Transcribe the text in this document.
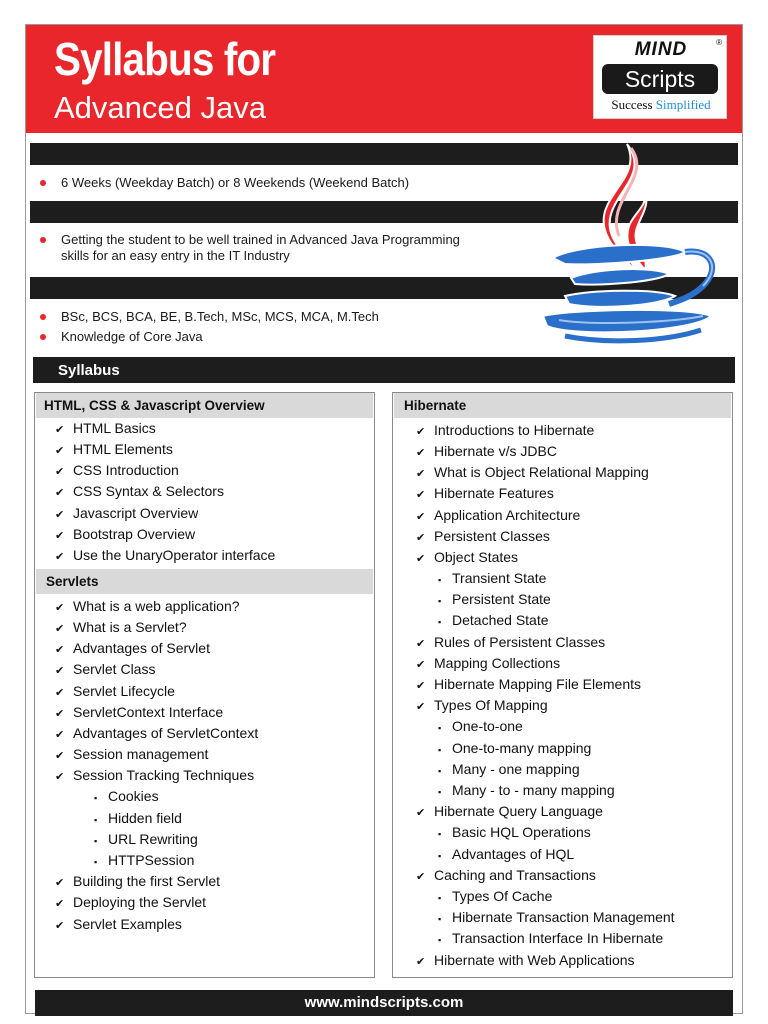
Syllabus for
Advanced Java
MIND	®
Scripts
Success Simplified
6 Weeks (Weekday Batch) or 8 Weekends (Weekend Batch)
Getting the student to be well trained in Advanced Java Programming
skills for an easy entry in the IT Industry
BSc, BCS, BCA, BE, B.Tech, MSc, MCS, MCA, M.Tech
Knowledge of Core Java
Syllabus
HTML, CSS & Javascript Overview
✔ HTML Basics
✔ HTML Elements
✔ CSS Introduction
✔ CSS Syntax & Selectors
✔ Javascript Overview
✔ Bootstrap Overview
✔ Use the UnaryOperator interface
Servlets
✔ What is a web application?
✔ What is a Servlet?
✔ Advantages of Servlet
✔ Servlet Class
✔ Servlet Lifecycle
✔ ServletContext Interface
✔ Advantages of ServletContext
✔ Session management
✔ Session Tracking Techniques
▪ Cookies
▪ Hidden field
▪ URL Rewriting
▪ HTTPSession
✔ Building the first Servlet
✔ Deploying the Servlet
✔ Servlet Examples
Hibernate
✔ Introductions to Hibernate
✔ Hibernate v/s JDBC
✔ What is Object Relational Mapping
✔ Hibernate Features
✔ Application Architecture
✔ Persistent Classes
✔ Object States
▪ Transient State
▪ Persistent State
▪ Detached State
✔ Rules of Persistent Classes
✔ Mapping Collections
✔ Hibernate Mapping File Elements
✔ Types Of Mapping
▪ One-to-one
▪ One-to-many mapping
▪ Many - one mapping
▪ Many - to - many mapping
✔ Hibernate Query Language
▪ Basic HQL Operations
▪ Advantages of HQL
✔ Caching and Transactions
▪ Types Of Cache
▪ Hibernate Transaction Management
▪ Transaction Interface In Hibernate
✔ Hibernate with Web Applications
www.mindscripts.com
